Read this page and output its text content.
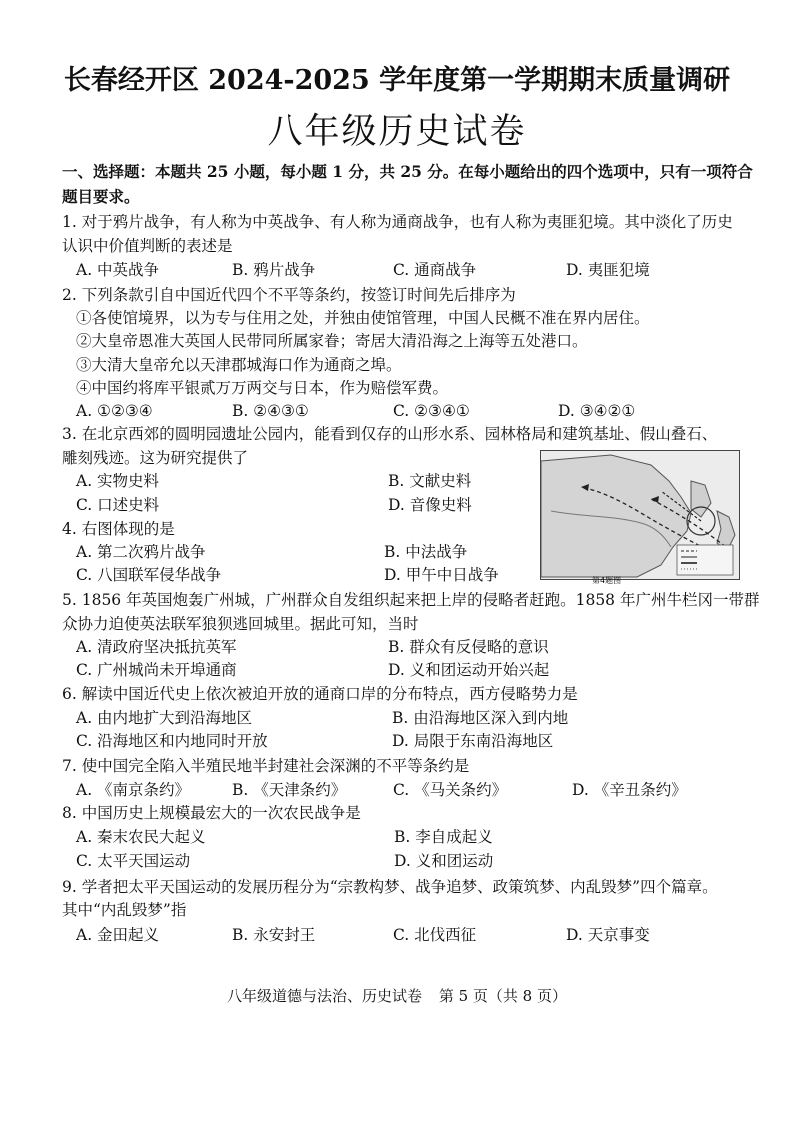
长春经开区 2024-2025 学年度第一学期期末质量调研
八年级历史试卷
一、选择题：本题共 25 小题，每小题 1 分，共 25 分。在每小题给出的四个选项中，只有一项符合
题目要求。
1. 对于鸦片战争，有人称为中英战争、有人称为通商战争，也有人称为夷匪犯境。其中淡化了历史
认识中价值判断的表述是
A. 中英战争	B. 鸦片战争	C. 通商战争	D. 夷匪犯境
2. 下列条款引自中国近代四个不平等条约，按签订时间先后排序为
①各使馆境界，以为专与住用之处，并独由使馆管理，中国人民概不准在界内居住。
②大皇帝恩准大英国人民带同所属家眷；寄居大清沿海之上海等五处港口。
③大清大皇帝允以天津郡城海口作为通商之埠。
④中国约将库平银贰万万两交与日本，作为赔偿军费。
A. ①②③④	B. ②④③①	C. ②③④①	D. ③④②①
3. 在北京西郊的圆明园遗址公园内，能看到仅存的山形水系、园林格局和建筑基址、假山叠石、
雕刻残迹。这为研究提供了
A. 实物史料	B. 文献史料
C. 口述史料	D. 音像史料
4. 右图体现的是
A. 第二次鸦片战争	B. 中法战争
C. 八国联军侵华战争	D. 甲午中日战争	第4题图
5. 1856 年英国炮轰广州城，广州群众自发组织起来把上岸的侵略者赶跑。1858 年广州牛栏冈一带群
众协力迫使英法联军狼狈逃回城里。据此可知，当时
A. 清政府坚决抵抗英军	B. 群众有反侵略的意识
C. 广州城尚未开埠通商	D. 义和团运动开始兴起
6. 解读中国近代史上依次被迫开放的通商口岸的分布特点，西方侵略势力是
A. 由内地扩大到沿海地区	B. 由沿海地区深入到内地
C. 沿海地区和内地同时开放	D. 局限于东南沿海地区
7. 使中国完全陷入半殖民地半封建社会深渊的不平等条约是
A. 《南京条约》	B. 《天津条约》	C. 《马关条约》	D. 《辛丑条约》
8. 中国历史上规模最宏大的一次农民战争是
A. 秦末农民大起义	B. 李自成起义
C. 太平天国运动	D. 义和团运动
9. 学者把太平天国运动的发展历程分为“宗教构梦、战争追梦、政策筑梦、内乱毁梦”四个篇章。
其中“内乱毁梦”指
A. 金田起义	B. 永安封王	C. 北伐西征	D. 天京事变
八年级道德与法治、历史试卷 第 5 页（共 8 页）
